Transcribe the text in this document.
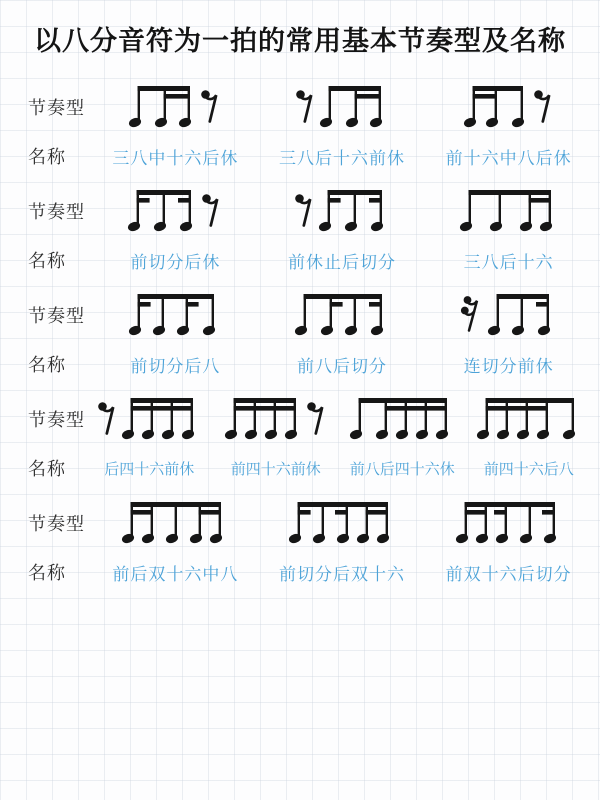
以八分音符为一拍的常用基本节奏型及名称
节奏型
名称	三八中十六后休	三八后十六前休	前十六中八后休
节奏型
名称	前切分后休	前休止后切分	三八后十六
节奏型
名称	前切分后八	前八后切分	连切分前休
节奏型
名称	后四十六前休	前四十六前休	前八后四十六休	前四十六后八
节奏型
名称	前后双十六中八	前切分后双十六	前双十六后切分
